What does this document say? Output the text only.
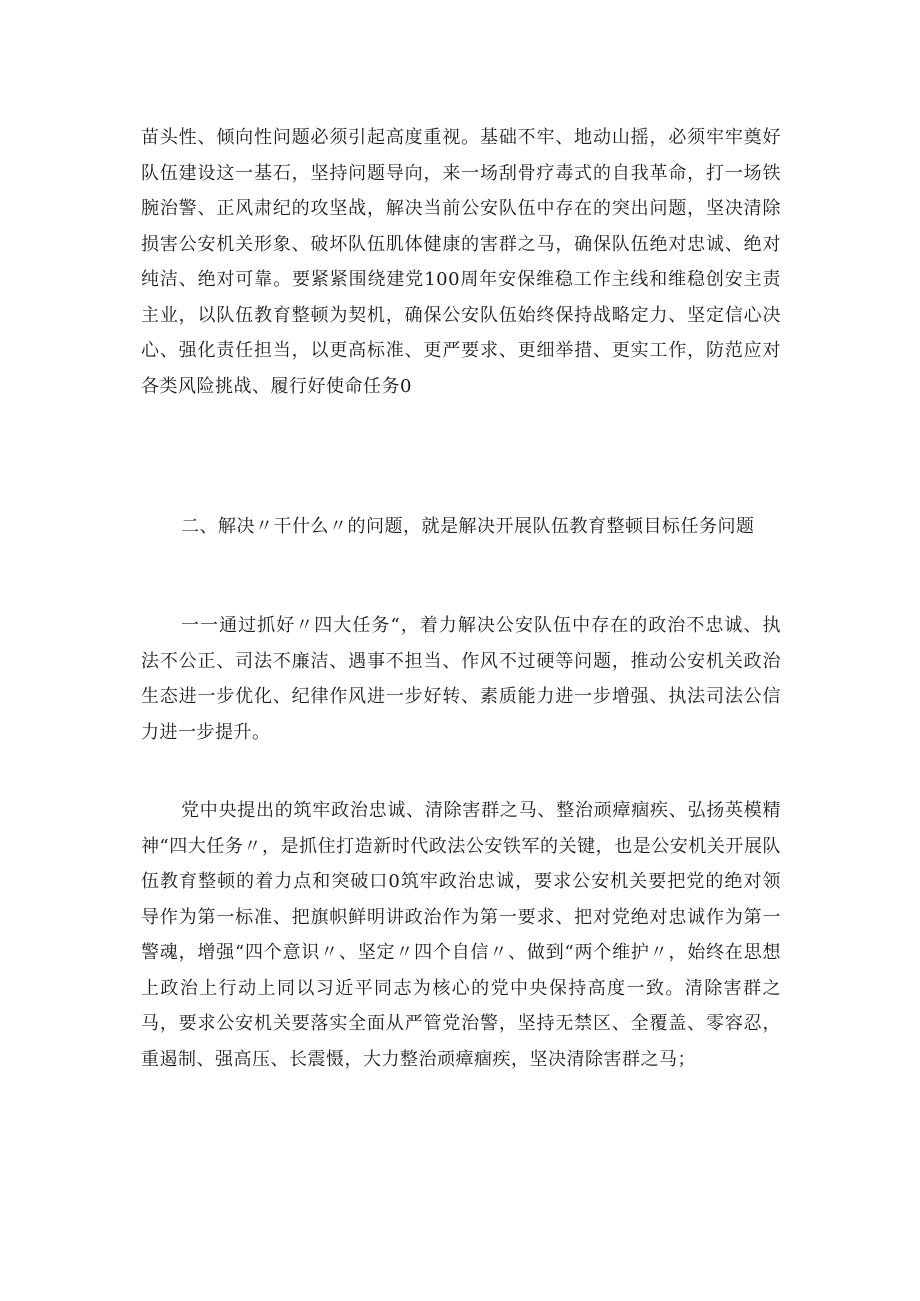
苗头性、倾向性问题必须引起高度重视。基础不牢、地动山摇，必须牢牢奠好队伍建设这一基石，坚持问题导向，来一场刮骨疗毒式的自我革命，打一场铁腕治警、正风肃纪的攻坚战，解决当前公安队伍中存在的突出问题，坚决清除损害公安机关形象、破坏队伍肌体健康的害群之马，确保队伍绝对忠诚、绝对纯洁、绝对可靠。要紧紧围绕建党100周年安保维稳工作主线和维稳创安主责主业，以队伍教育整顿为契机，确保公安队伍始终保持战略定力、坚定信心决心、强化责任担当，以更高标准、更严要求、更细举措、更实工作，防范应对各类风险挑战、履行好使命任务0

二、解决〃干什么〃的问题，就是解决开展队伍教育整顿目标任务问题

一一通过抓好〃四大任务“，着力解决公安队伍中存在的政治不忠诚、执法不公正、司法不廉洁、遇事不担当、作风不过硬等问题，推动公安机关政治生态进一步优化、纪律作风进一步好转、素质能力进一步增强、执法司法公信力进一步提升。

党中央提出的筑牢政治忠诚、清除害群之马、整治顽瘴痼疾、弘扬英模精神“四大任务〃，是抓住打造新时代政法公安铁军的关键，也是公安机关开展队伍教育整顿的着力点和突破口0筑牢政治忠诚，要求公安机关要把党的绝对领导作为第一标准、把旗帜鲜明讲政治作为第一要求、把对党绝对忠诚作为第一警魂，增强“四个意识〃、坚定〃四个自信〃、做到“两个维护〃，始终在思想上政治上行动上同以习近平同志为核心的党中央保持高度一致。清除害群之马，要求公安机关要落实全面从严管党治警，坚持无禁区、全覆盖、零容忍，重遏制、强高压、长震慑，大力整治顽瘴痼疾，坚决清除害群之马；
